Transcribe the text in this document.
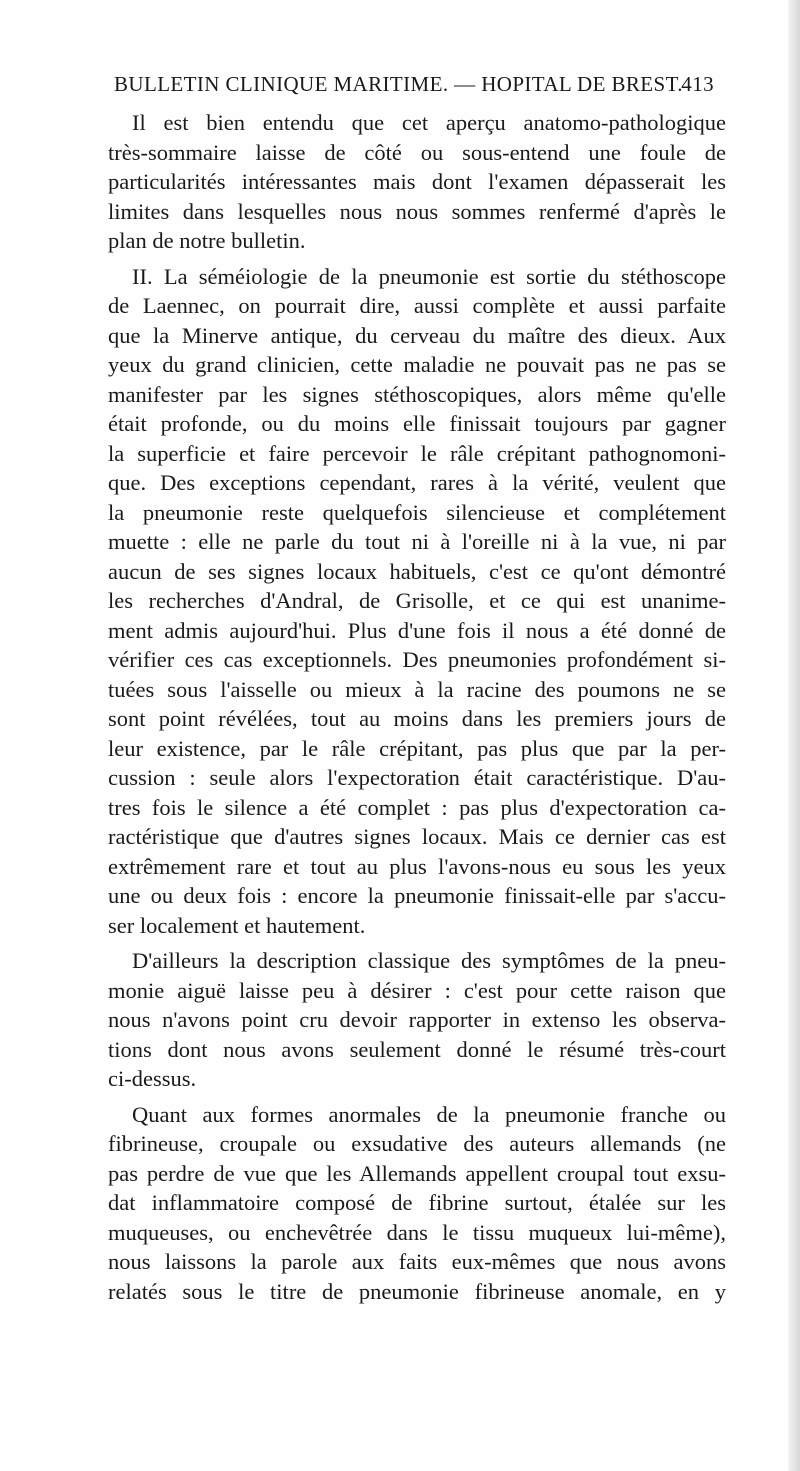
BULLETIN CLINIQUE MARITIME. — HOPITAL DE BREST.
413
Il est bien entendu que cet aperçu anatomo-pathologique
très-sommaire laisse de côté ou sous-entend une foule de
particularités intéressantes mais dont l'examen dépasserait les
limites dans lesquelles nous nous sommes renfermé d'après le
plan de notre bulletin.
II. La séméiologie de la pneumonie est sortie du stéthoscope
de Laennec, on pourrait dire, aussi complète et aussi parfaite
que la Minerve antique, du cerveau du maître des dieux. Aux
yeux du grand clinicien, cette maladie ne pouvait pas ne pas se
manifester par les signes stéthoscopiques, alors même qu'elle
était profonde, ou du moins elle finissait toujours par gagner
la superficie et faire percevoir le râle crépitant pathognomoni-
que. Des exceptions cependant, rares à la vérité, veulent que
la pneumonie reste quelquefois silencieuse et complétement
muette : elle ne parle du tout ni à l'oreille ni à la vue, ni par
aucun de ses signes locaux habituels, c'est ce qu'ont démontré
les recherches d'Andral, de Grisolle, et ce qui est unanime-
ment admis aujourd'hui. Plus d'une fois il nous a été donné de
vérifier ces cas exceptionnels. Des pneumonies profondément si-
tuées sous l'aisselle ou mieux à la racine des poumons ne se
sont point révélées, tout au moins dans les premiers jours de
leur existence, par le râle crépitant, pas plus que par la per-
cussion : seule alors l'expectoration était caractéristique. D'au-
tres fois le silence a été complet : pas plus d'expectoration ca-
ractéristique que d'autres signes locaux. Mais ce dernier cas est
extrêmement rare et tout au plus l'avons-nous eu sous les yeux
une ou deux fois : encore la pneumonie finissait-elle par s'accu-
ser localement et hautement.
D'ailleurs la description classique des symptômes de la pneu-
monie aiguë laisse peu à désirer : c'est pour cette raison que
nous n'avons point cru devoir rapporter in extenso les observa-
tions dont nous avons seulement donné le résumé très-court
ci-dessus.
Quant aux formes anormales de la pneumonie franche ou
fibrineuse, croupale ou exsudative des auteurs allemands (ne
pas perdre de vue que les Allemands appellent croupal tout exsu-
dat inflammatoire composé de fibrine surtout, étalée sur les
muqueuses, ou enchevêtrée dans le tissu muqueux lui-même),
nous laissons la parole aux faits eux-mêmes que nous avons
relatés sous le titre de pneumonie fibrineuse anomale, en y
